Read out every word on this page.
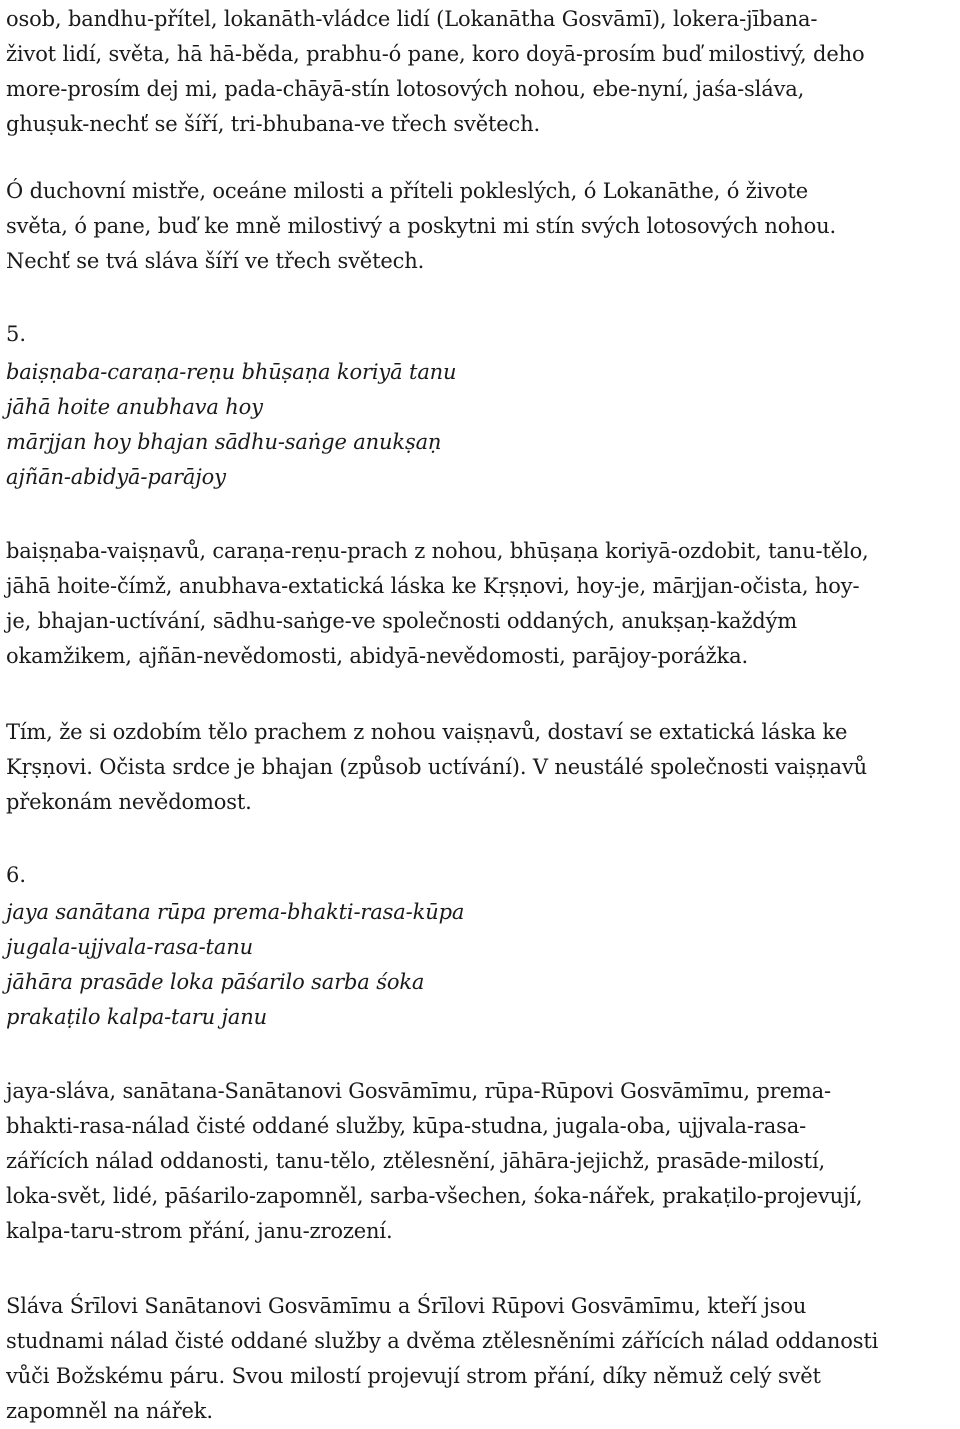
osob, bandhu-přítel, lokanāth-vládce lidí (Lokanātha Gosvāmī), lokera-jībana-
život lidí, světa, hā hā-běda, prabhu-ó pane, koro doyā-prosím buď milostivý, deho
more-prosím dej mi, pada-chāyā-stín lotosových nohou, ebe-nyní, jaśa-sláva,
ghuṣuk-nechť se šíří, tri-bhubana-ve třech světech.
Ó duchovní mistře, oceáne milosti a příteli pokleslých, ó Lokanāthe, ó živote
světa, ó pane, buď ke mně milostivý a poskytni mi stín svých lotosových nohou.
Nechť se tvá sláva šíří ve třech světech.
5.
baiṣṇaba-caraṇa-reṇu bhūṣaṇa koriyā tanu
jāhā hoite anubhava hoy
mārjjan hoy bhajan sādhu-saṅge anukṣaṇ
ajñān-abidyā-parājoy
baiṣṇaba-vaiṣṇavů, caraṇa-reṇu-prach z nohou, bhūṣaṇa koriyā-ozdobit, tanu-tělo,
jāhā hoite-čímž, anubhava-extatická láska ke Kṛṣṇovi, hoy-je, mārjjan-očista, hoy-
je, bhajan-uctívání, sādhu-saṅge-ve společnosti oddaných, anukṣaṇ-každým
okamžikem, ajñān-nevědomosti, abidyā-nevědomosti, parājoy-porážka.
Tím, že si ozdobím tělo prachem z nohou vaiṣṇavů, dostaví se extatická láska ke
Kṛṣṇovi. Očista srdce je bhajan (způsob uctívání). V neustálé společnosti vaiṣṇavů
překonám nevědomost.
6.
jaya sanātana rūpa prema-bhakti-rasa-kūpa
jugala-ujjvala-rasa-tanu
jāhāra prasāde loka pāśarilo sarba śoka
prakaṭilo kalpa-taru janu
jaya-sláva, sanātana-Sanātanovi Gosvāmīmu, rūpa-Rūpovi Gosvāmīmu, prema-
bhakti-rasa-nálad čisté oddané služby, kūpa-studna, jugala-oba, ujjvala-rasa-
zářících nálad oddanosti, tanu-tělo, ztělesnění, jāhāra-jejichž, prasāde-milostí,
loka-svět, lidé, pāśarilo-zapomněl, sarba-všechen, śoka-nářek, prakaṭilo-projevují,
kalpa-taru-strom přání, janu-zrození.
Sláva Śrīlovi Sanātanovi Gosvāmīmu a Śrīlovi Rūpovi Gosvāmīmu, kteří jsou
studnami nálad čisté oddané služby a dvěma ztělesněními zářících nálad oddanosti
vůči Božskému páru. Svou milostí projevují strom přání, díky němuž celý svět
zapomněl na nářek.
